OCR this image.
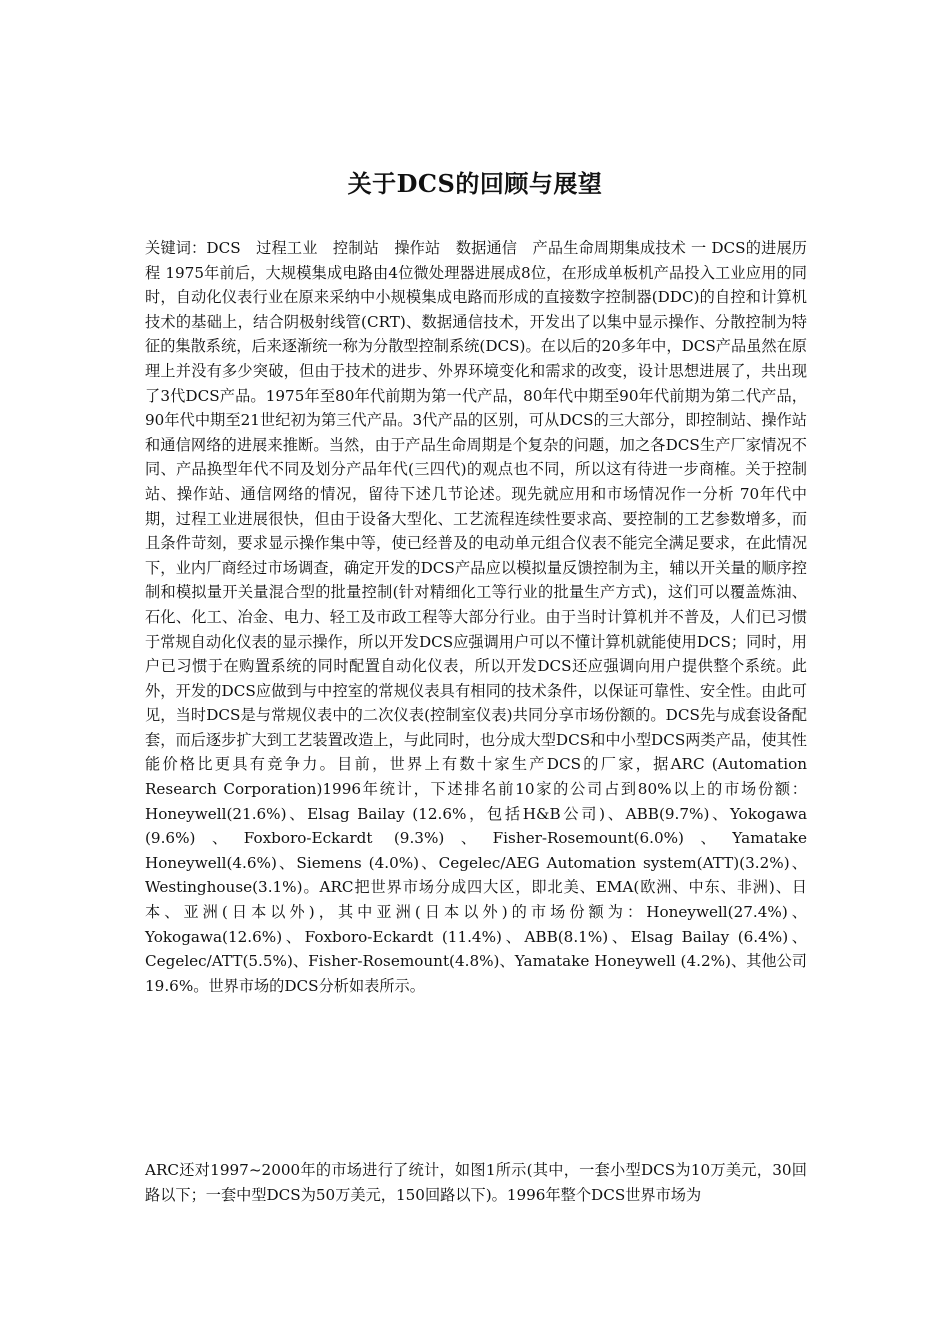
关于DCS的回顾与展望

关键词：DCS　过程工业　控制站　操作站　数据通信　产品生命周期集成技术 一 DCS的进展历程 1975年前后，大规模集成电路由4位微处理器进展成8位，在形成单板机产品投入工业应用的同时，自动化仪表行业在原来采纳中小规模集成电路而形成的直接数字控制器(DDC)的自控和计算机技术的基础上，结合阴极射线管(CRT)、数据通信技术，开发出了以集中显示操作、分散控制为特征的集散系统，后来逐渐统一称为分散型控制系统(DCS)。在以后的20多年中，DCS产品虽然在原理上并没有多少突破，但由于技术的进步、外界环境变化和需求的改变，设计思想进展了，共出现了3代DCS产品。1975年至80年代前期为第一代产品，80年代中期至90年代前期为第二代产品，90年代中期至21世纪初为第三代产品。3代产品的区别，可从DCS的三大部分，即控制站、操作站和通信网络的进展来推断。当然，由于产品生命周期是个复杂的问题，加之各DCS生产厂家情况不同、产品换型年代不同及划分产品年代(三四代)的观点也不同，所以这有待进一步商榷。关于控制站、操作站、通信网络的情况，留待下述几节论述。现先就应用和市场情况作一分析 70年代中期，过程工业进展很快，但由于设备大型化、工艺流程连续性要求高、要控制的工艺参数增多，而且条件苛刻，要求显示操作集中等，使已经普及的电动单元组合仪表不能完全满足要求，在此情况下，业内厂商经过市场调查，确定开发的DCS产品应以模拟量反馈控制为主，辅以开关量的顺序控制和模拟量开关量混合型的批量控制(针对精细化工等行业的批量生产方式)，这们可以覆盖炼油、石化、化工、冶金、电力、轻工及市政工程等大部分行业。由于当时计算机并不普及，人们已习惯于常规自动化仪表的显示操作，所以开发DCS应强调用户可以不懂计算机就能使用DCS；同时，用户已习惯于在购置系统的同时配置自动化仪表，所以开发DCS还应强调向用户提供整个系统。此外，开发的DCS应做到与中控室的常规仪表具有相同的技术条件，以保证可靠性、安全性。由此可见，当时DCS是与常规仪表中的二次仪表(控制室仪表)共同分享市场份额的。DCS先与成套设备配套，而后逐步扩大到工艺装置改造上，与此同时，也分成大型DCS和中小型DCS两类产品，使其性能价格比更具有竞争力。目前，世界上有数十家生产DCS的厂家，据ARC (Automation Research Corporation)1996年统计，下述排名前10家的公司占到80%以上的市场份额：Honeywell(21.6%)、Elsag Bailay (12.6%，包括H&B公司)、ABB(9.7%)、Yokogawa (9.6%)、Foxboro-Eckardt (9.3%)、Fisher-Rosemount(6.0%)、Yamatake Honeywell(4.6%)、Siemens (4.0%)、Cegelec/AEG Automation system(ATT)(3.2%)、Westinghouse(3.1%)。ARC把世界市场分成四大区，即北美、EMA(欧洲、中东、非洲)、日本、亚洲(日本以外)，其中亚洲(日本以外)的市场份额为：Honeywell(27.4%)、Yokogawa(12.6%)、Foxboro-Eckardt (11.4%)、ABB(8.1%)、Elsag Bailay (6.4%)、Cegelec/ATT(5.5%)、Fisher-Rosemount(4.8%)、Yamatake Honeywell (4.2%)、其他公司19.6%。世界市场的DCS分析如表所示。

ARC还对1997~2000年的市场进行了统计，如图1所示(其中，一套小型DCS为10万美元，30回路以下；一套中型DCS为50万美元，150回路以下)。1996年整个DCS世界市场为
